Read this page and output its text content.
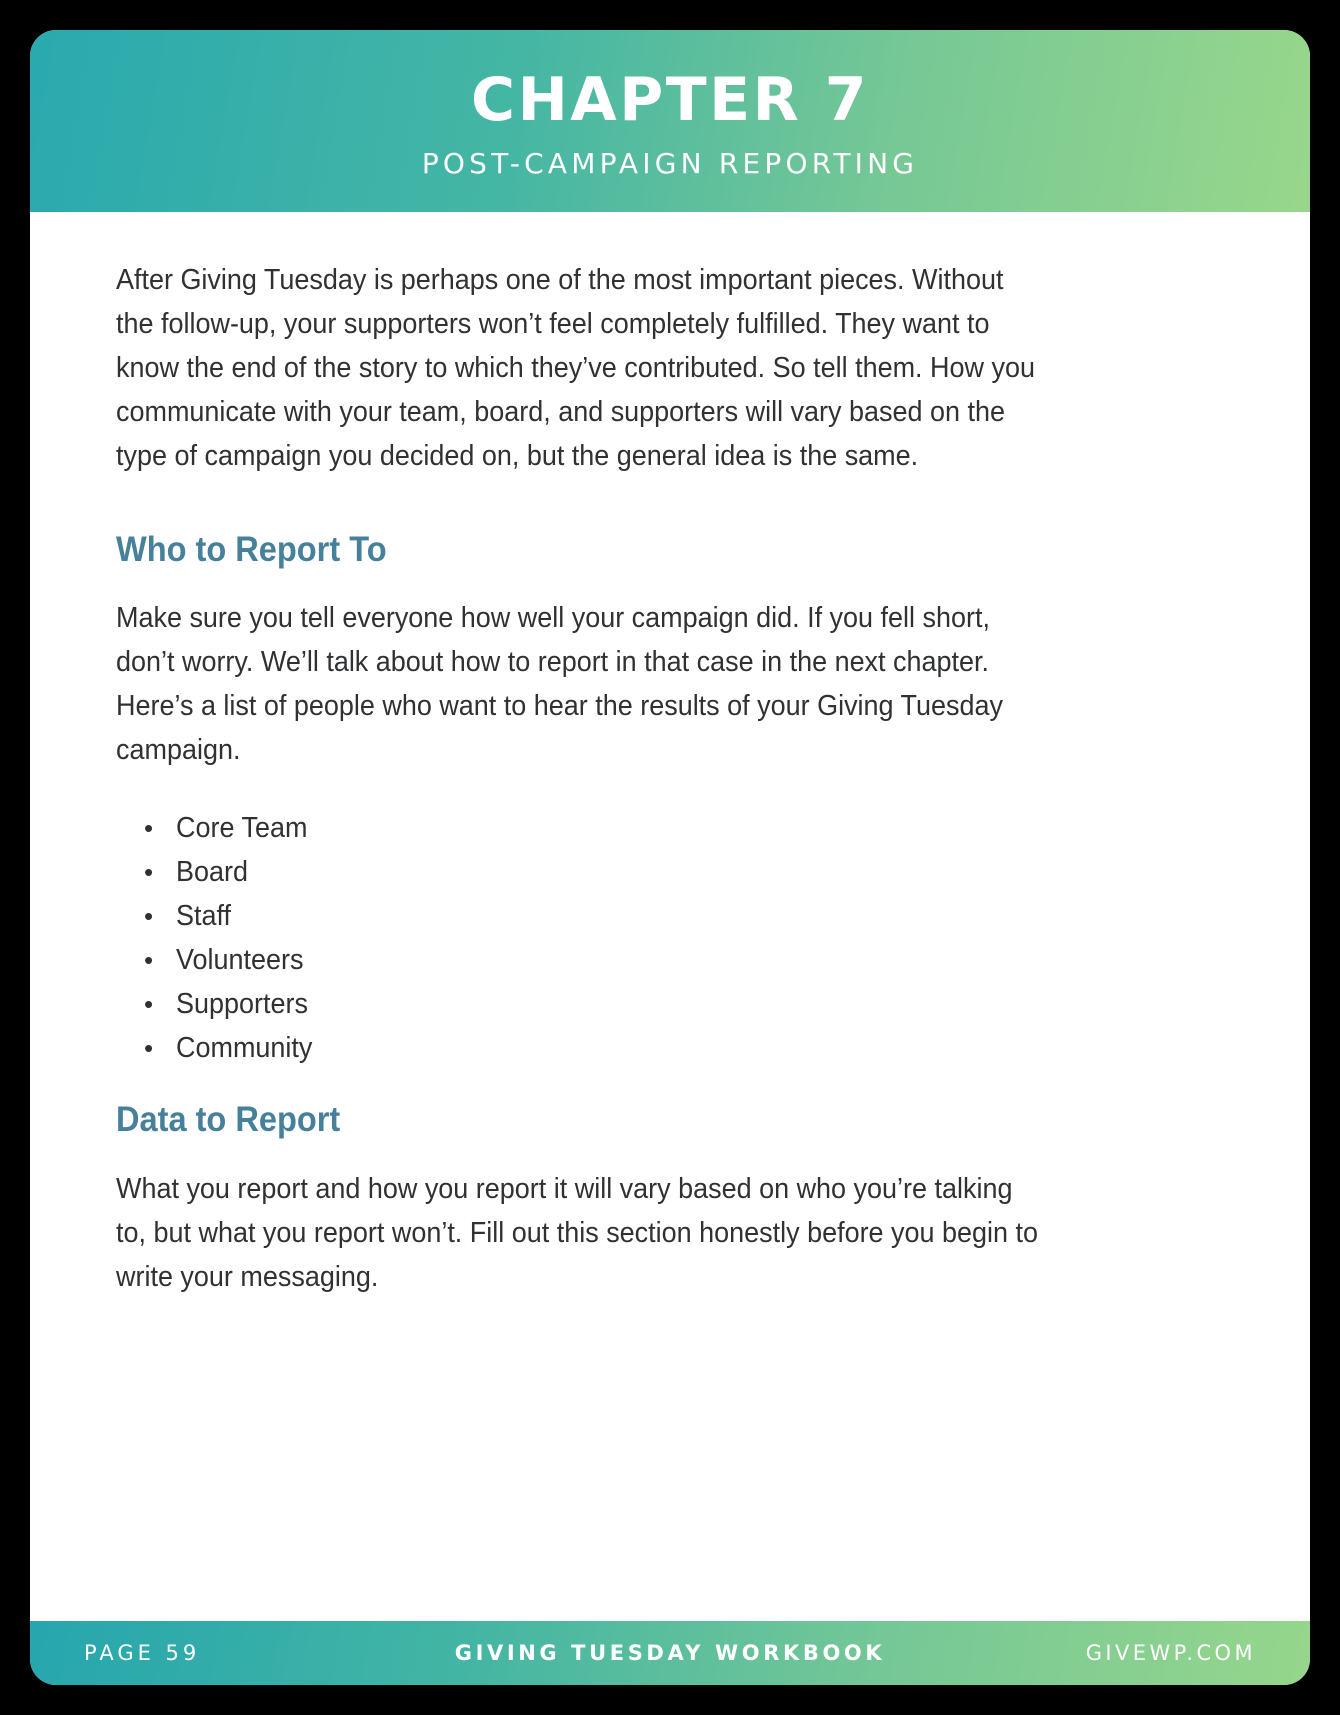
CHAPTER 7
POST-CAMPAIGN REPORTING

After Giving Tuesday is perhaps one of the most important pieces. Without the follow-up, your supporters won’t feel completely fulfilled. They want to know the end of the story to which they’ve contributed. So tell them. How you communicate with your team, board, and supporters will vary based on the type of campaign you decided on, but the general idea is the same.

Who to Report To

Make sure you tell everyone how well your campaign did. If you fell short, don’t worry. We’ll talk about how to report in that case in the next chapter. Here’s a list of people who want to hear the results of your Giving Tuesday campaign.

• Core Team
• Board
• Staff
• Volunteers
• Supporters
• Community
Data to Report

What you report and how you report it will vary based on who you’re talking to, but what you report won’t. Fill out this section honestly before you begin to write your messaging.

PAGE 59	GIVING TUESDAY WORKBOOK	GIVEWP.COM
